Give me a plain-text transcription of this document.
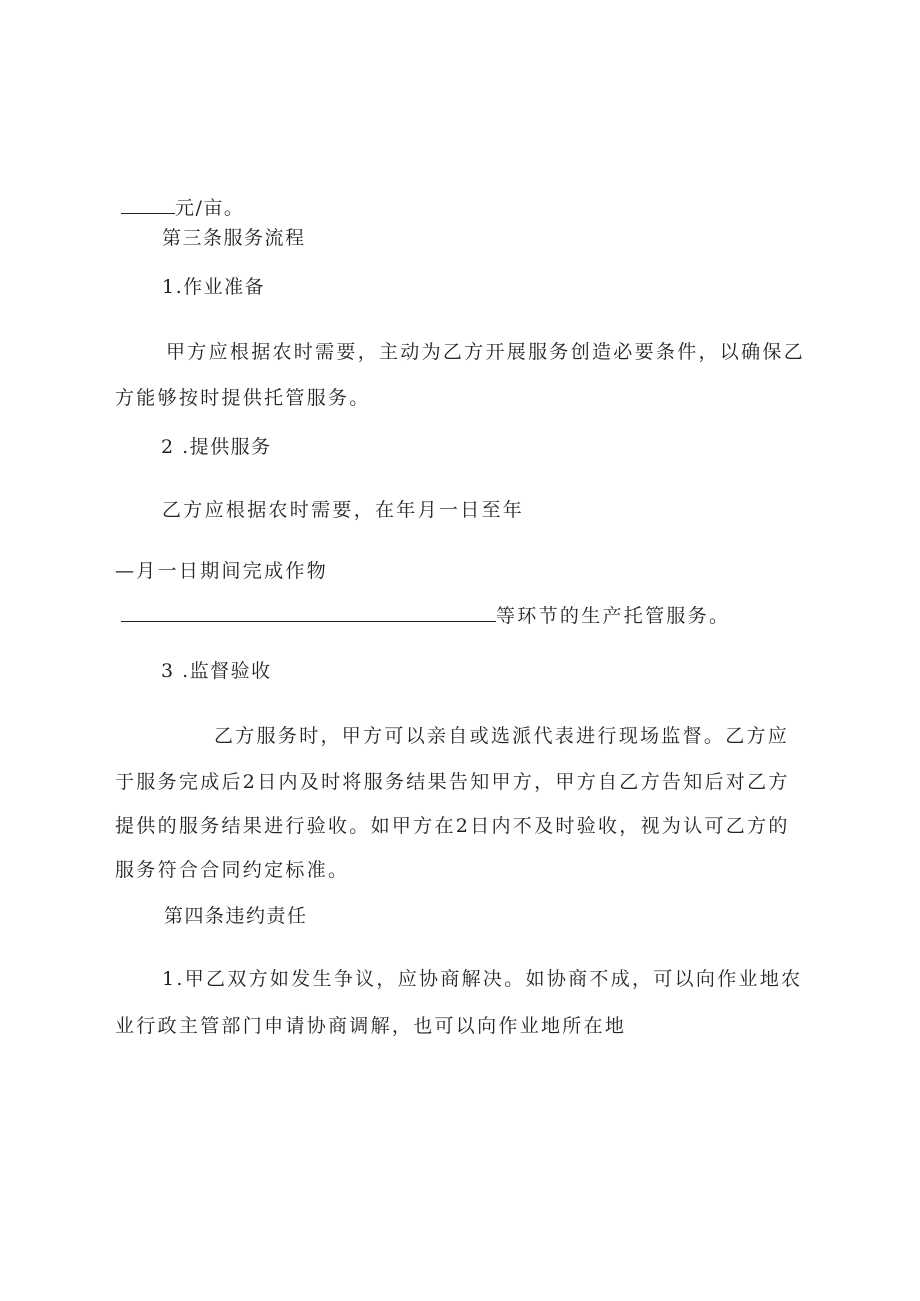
元/亩。
第三条服务流程
1.作业准备
甲方应根据农时需要，主动为乙方开展服务创造必要条件，以确保乙
方能够按时提供托管服务。
2 .提供服务
乙方应根据农时需要，在年月一日至年
—月一日期间完成作物
等环节的生产托管服务。
3 .监督验收
乙方服务时，甲方可以亲自或选派代表进行现场监督。乙方应
于服务完成后2日内及时将服务结果告知甲方，甲方自乙方告知后对乙方
提供的服务结果进行验收。如甲方在2日内不及时验收，视为认可乙方的
服务符合合同约定标准。
第四条违约责任
1.甲乙双方如发生争议，应协商解决。如协商不成，可以向作业地农
业行政主管部门申请协商调解，也可以向作业地所在地
